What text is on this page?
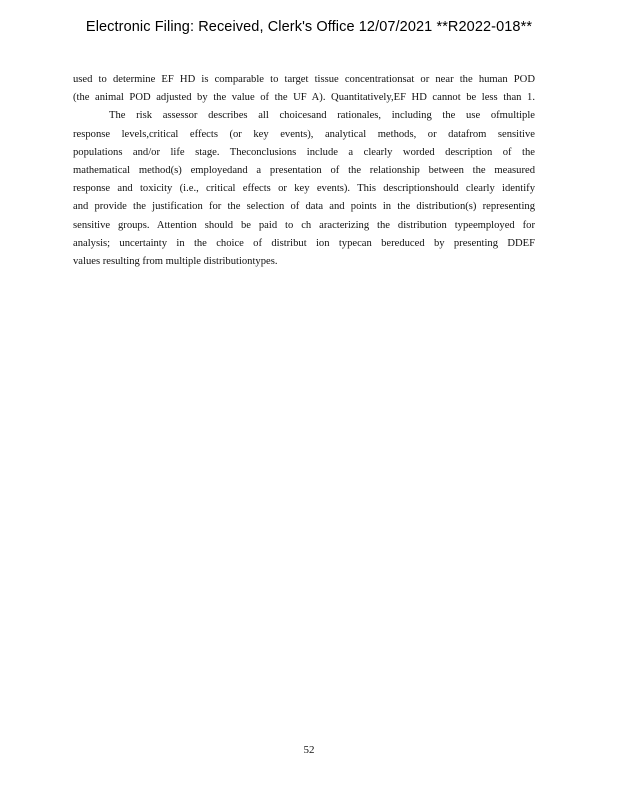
Electronic Filing: Received, Clerk's Office 12/07/2021 **R2022-018**
used to determine EF HD is comparable to target tissue concentrationsat or near the human POD
(the animal POD adjusted by the value of the UF A). Quantitatively,EF HD cannot be less than 1.
The risk assessor describes all choicesand rationales, including the use ofmultiple
response levels,critical effects (or key events), analytical methods, or datafrom sensitive
populations and/or life stage. Theconclusions include a clearly worded description of the
mathematical method(s) employedand a presentation of the relationship between the measured
response and toxicity (i.e., critical effects or key events). This descriptionshould clearly identify
and provide the justification for the selection of data and points in the distribution(s) representing
sensitive groups. Attention should be paid to ch aracterizing the distribution typeemployed for
analysis; uncertainty in the choice of distribut ion typecan bereduced by presenting DDEF
values resulting from multiple distributiontypes.
52
